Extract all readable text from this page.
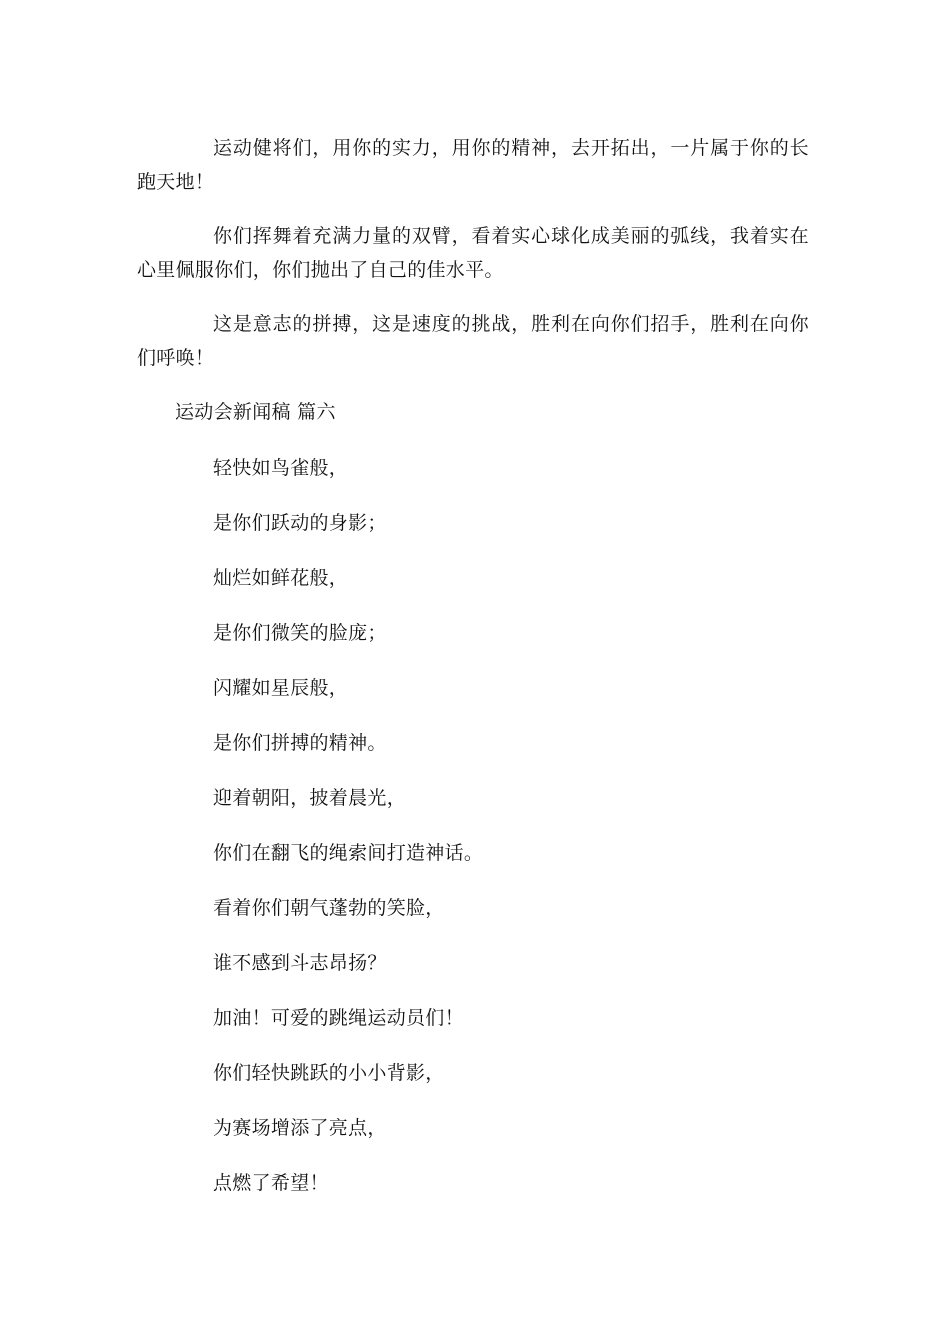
运动健将们，用你的实力，用你的精神，去开拓出，一片属于你的长跑天地！

你们挥舞着充满力量的双臂，看着实心球化成美丽的弧线，我着实在心里佩服你们，你们抛出了自己的佳水平。

这是意志的拼搏，这是速度的挑战，胜利在向你们招手，胜利在向你们呼唤！

运动会新闻稿 篇六

轻快如鸟雀般，

是你们跃动的身影；

灿烂如鲜花般，

是你们微笑的脸庞；

闪耀如星辰般，

是你们拼搏的精神。

迎着朝阳，披着晨光，

你们在翻飞的绳索间打造神话。

看着你们朝气蓬勃的笑脸，

谁不感到斗志昂扬？

加油！可爱的跳绳运动员们！

你们轻快跳跃的小小背影，

为赛场增添了亮点，

点燃了希望！
